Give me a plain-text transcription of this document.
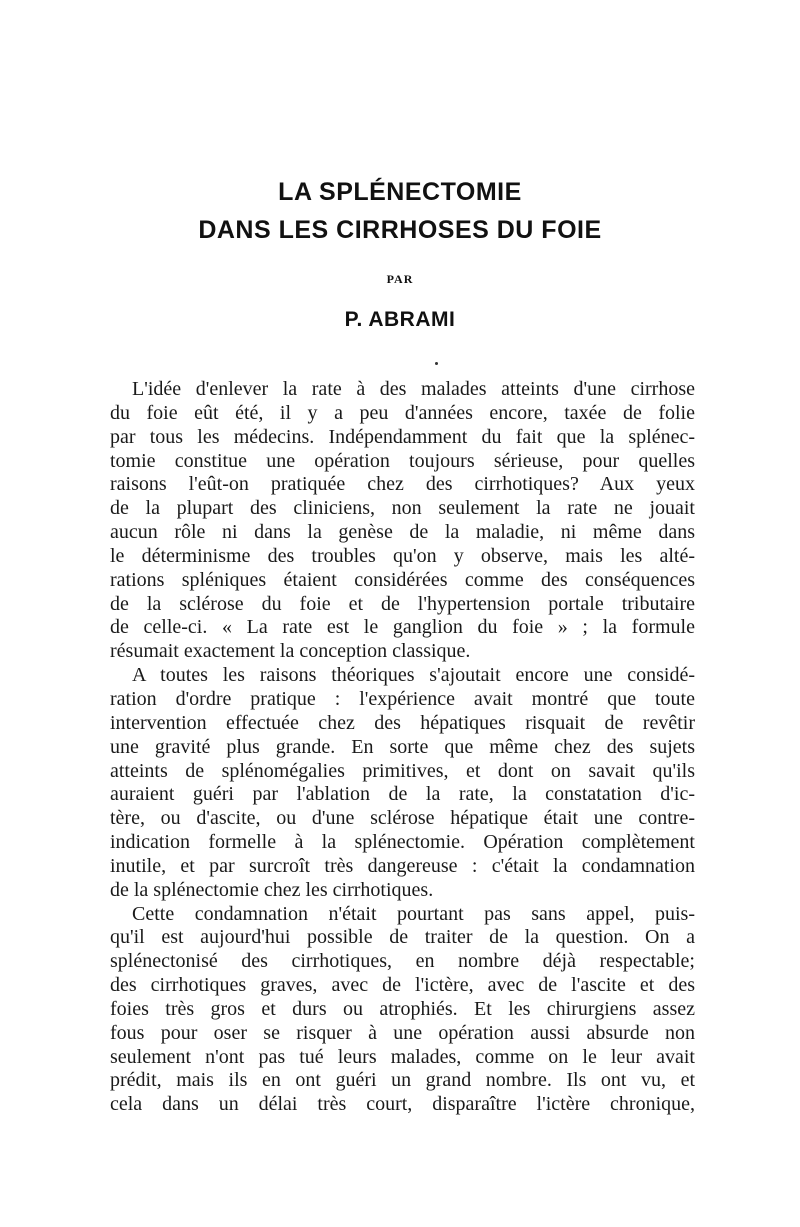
LA SPLÉNECTOMIE
DANS LES CIRRHOSES DU FOIE
PAR
P. ABRAMI
L'idée d'enlever la rate à des malades atteints d'une cirrhose
du foie eût été, il y a peu d'années encore, taxée de folie
par tous les médecins. Indépendamment du fait que la splénec-
tomie constitue une opération toujours sérieuse, pour quelles
raisons l'eût-on pratiquée chez des cirrhotiques? Aux yeux
de la plupart des cliniciens, non seulement la rate ne jouait
aucun rôle ni dans la genèse de la maladie, ni même dans
le déterminisme des troubles qu'on y observe, mais les alté-
rations spléniques étaient considérées comme des conséquences
de la sclérose du foie et de l'hypertension portale tributaire
de celle-ci. « La rate est le ganglion du foie » ; la formule
résumait exactement la conception classique.
A toutes les raisons théoriques s'ajoutait encore une considé-
ration d'ordre pratique : l'expérience avait montré que toute
intervention effectuée chez des hépatiques risquait de revêtir
une gravité plus grande. En sorte que même chez des sujets
atteints de splénomégalies primitives, et dont on savait qu'ils
auraient guéri par l'ablation de la rate, la constatation d'ic-
tère, ou d'ascite, ou d'une sclérose hépatique était une contre-
indication formelle à la splénectomie. Opération complètement
inutile, et par surcroît très dangereuse : c'était la condamnation
de la splénectomie chez les cirrhotiques.
Cette condamnation n'était pourtant pas sans appel, puis-
qu'il est aujourd'hui possible de traiter de la question. On a
splénectonisé des cirrhotiques, en nombre déjà respectable;
des cirrhotiques graves, avec de l'ictère, avec de l'ascite et des
foies très gros et durs ou atrophiés. Et les chirurgiens assez
fous pour oser se risquer à une opération aussi absurde non
seulement n'ont pas tué leurs malades, comme on le leur avait
prédit, mais ils en ont guéri un grand nombre. Ils ont vu, et
cela dans un délai très court, disparaître l'ictère chronique,
